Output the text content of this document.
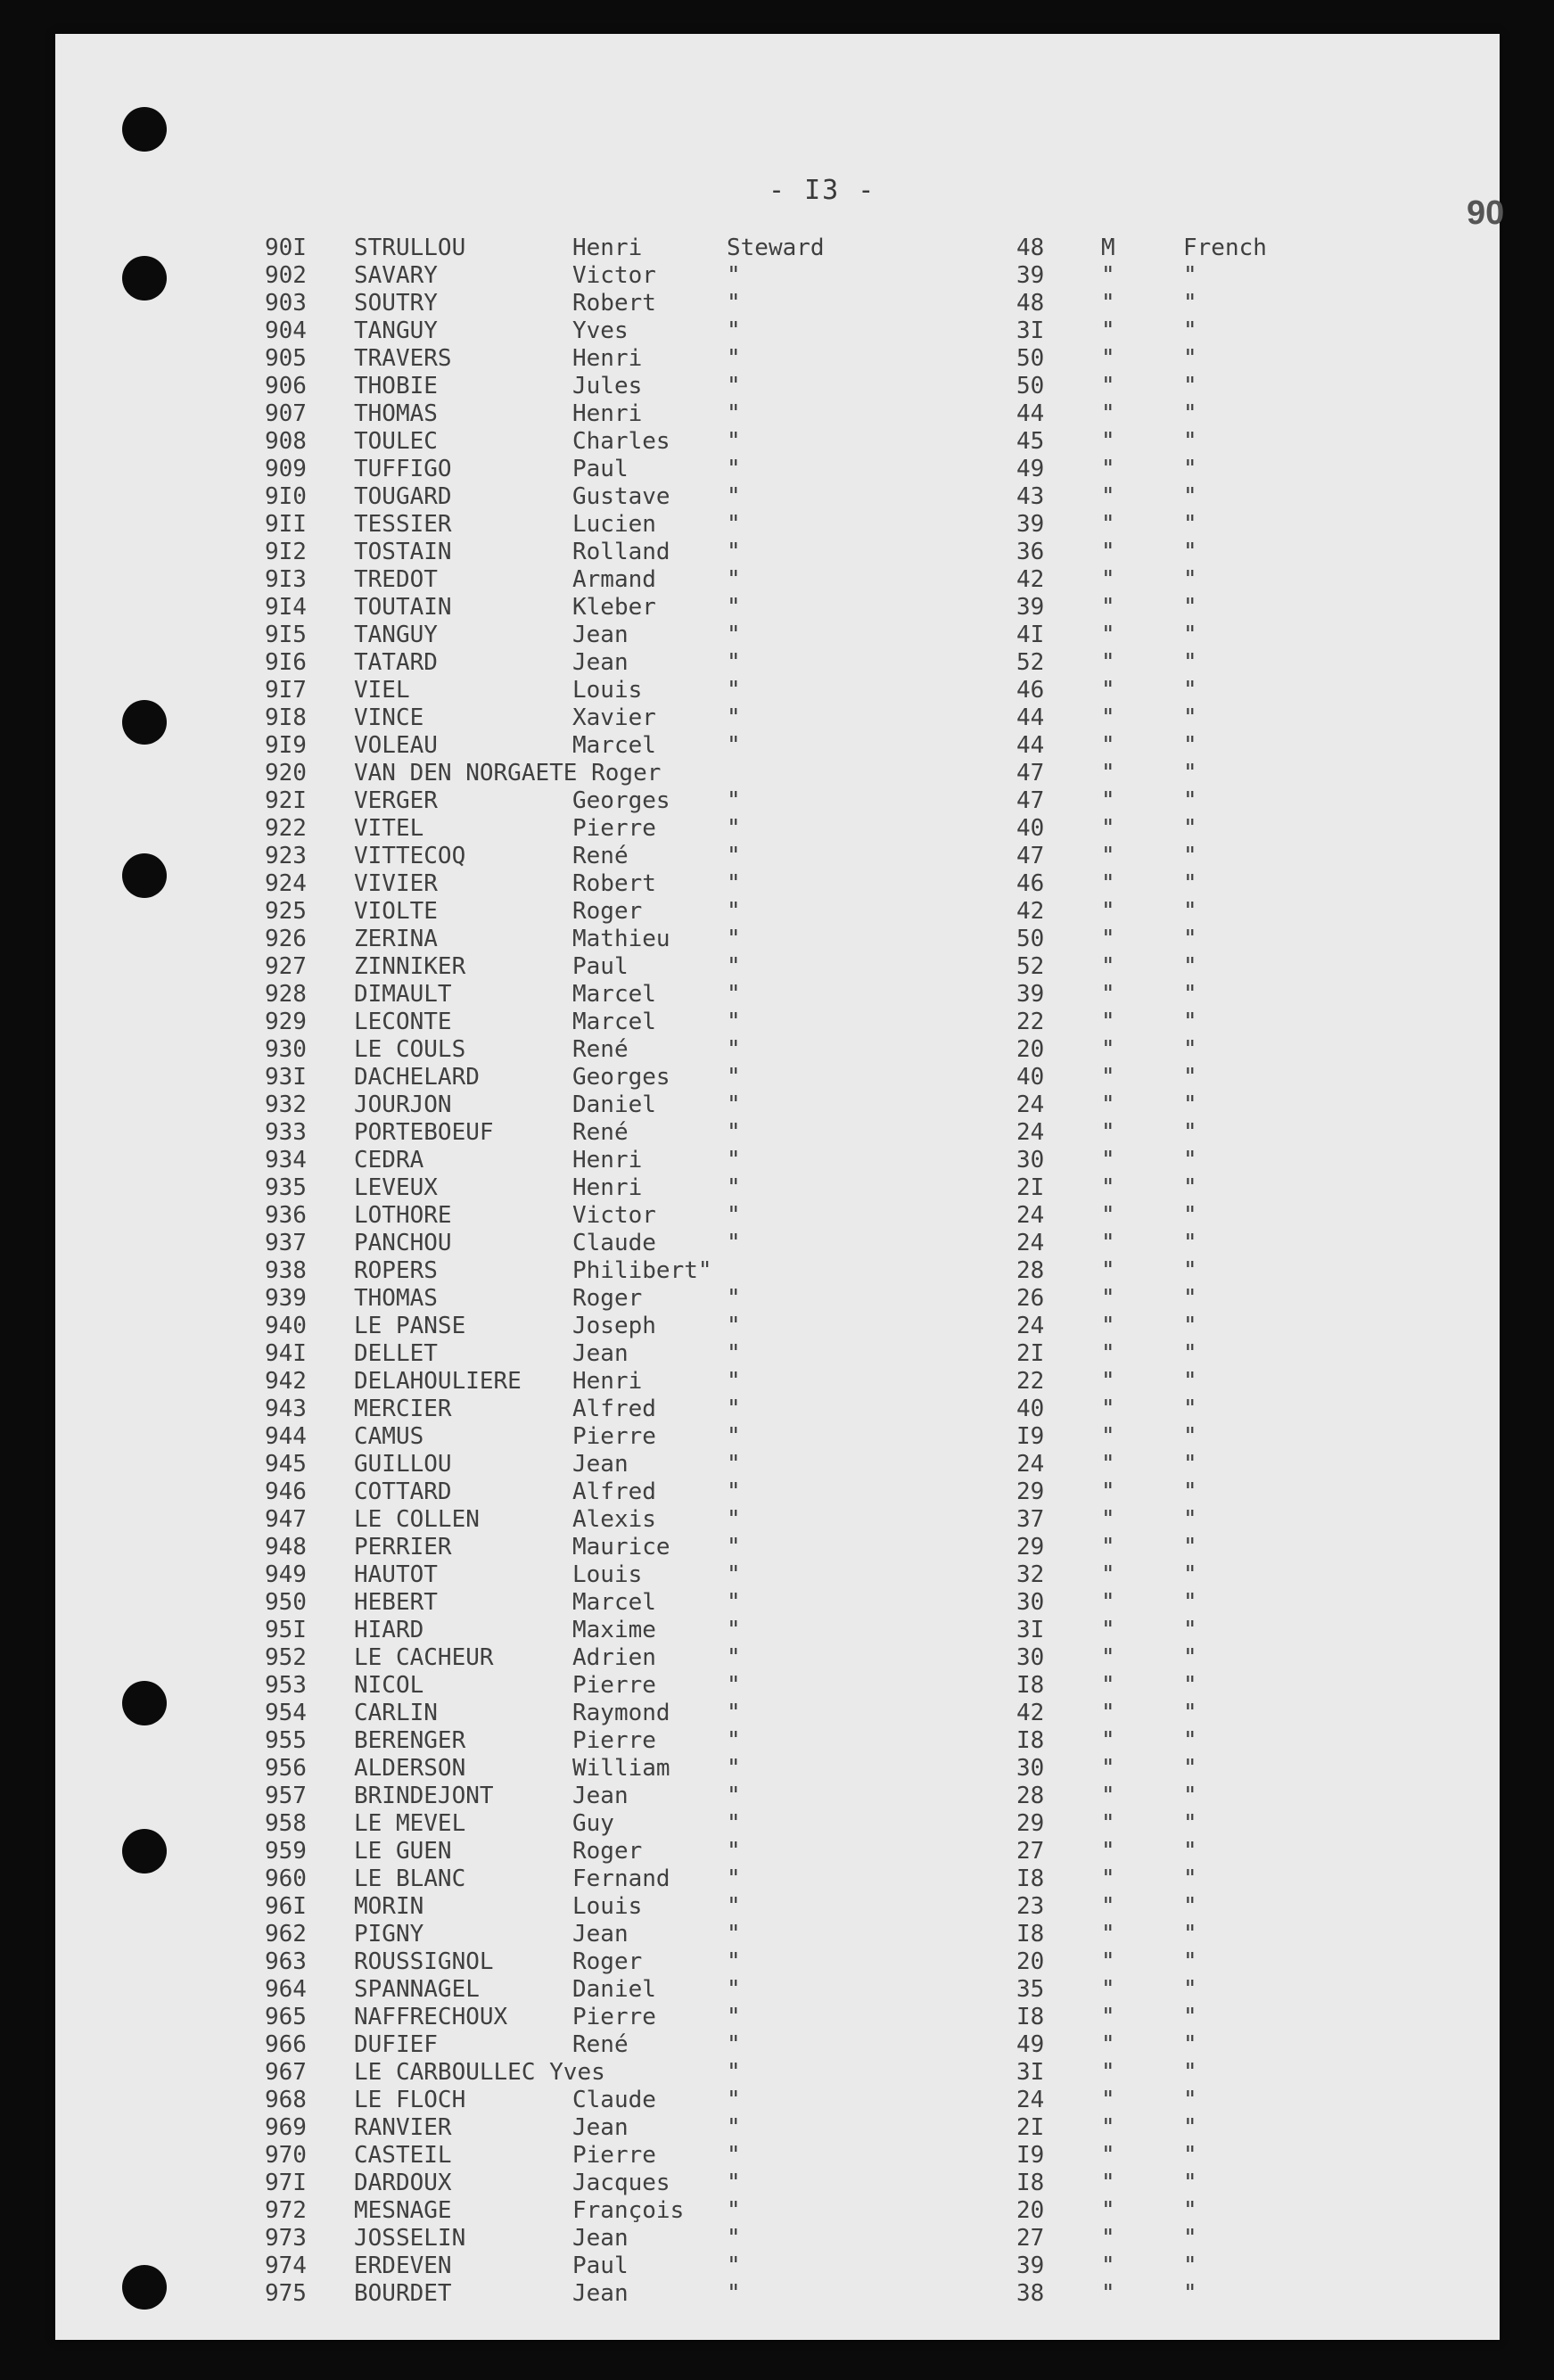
- I3 -
90
90I STRULLOU	Henri	Steward	48 M	French
902 SAVARY	Victor	"	39 "	"
903 SOUTRY	Robert	"	48 "	"
904 TANGUY	Yves	"	3I "	"
905 TRAVERS	Henri	"	50 "	"
906 THOBIE	Jules	"	50 "	"
907 THOMAS	Henri	"	44 "	"
908 TOULEC	Charles "	45 "	"
909 TUFFIGO	Paul	"	49 "	"
9I0 TOUGARD	Gustave "	43 "	"
9II TESSIER	Lucien	"	39 "	"
9I2 TOSTAIN	Rolland "	36 "	"
9I3 TREDOT	Armand	"	42 "	"
9I4 TOUTAIN	Kleber	"	39 "	"
9I5 TANGUY	Jean	"	4I "	"
9I6 TATARD	Jean	"	52 "	"
9I7 VIEL	Louis	"	46 "	"
9I8 VINCE	Xavier	"	44 "	"
9I9 VOLEAU	Marcel	"	44 "	"
920 VAN DEN NORGAETE Roger	47 "	"
92I VERGER	Georges "	47 "	"
922 VITEL	Pierre	"	40 "	"
923 VITTECOQ	René	"	47 "	"
924 VIVIER	Robert	"	46 "	"
925 VIOLTE	Roger	"	42 "	"
926 ZERINA	Mathieu "	50 "	"
927 ZINNIKER	Paul	"	52 "	"
928 DIMAULT	Marcel	"	39 "	"
929 LECONTE	Marcel	"	22 "	"
930 LE COULS	René	"	20 "	"
93I DACHELARD	Georges "	40 "	"
932 JOURJON	Daniel	"	24 "	"
933 PORTEBOEUF	René	"	24 "	"
934 CEDRA	Henri	"	30 "	"
935 LEVEUX	Henri	"	2I "	"
936 LOTHORE	Victor	"	24 "	"
937 PANCHOU	Claude	"	24 "	"
938 ROPERS	Philibert"	28 "	"
939 THOMAS	Roger	"	26 "	"
940 LE PANSE	Joseph	"	24 "	"
94I DELLET	Jean	"	2I "	"
942 DELAHOULIERE Henri	"	22 "	"
943 MERCIER	Alfred	"	40 "	"
944 CAMUS	Pierre	"	I9 "	"
945 GUILLOU	Jean	"	24 "	"
946 COTTARD	Alfred	"	29 "	"
947 LE COLLEN	Alexis	"	37 "	"
948 PERRIER	Maurice "	29 "	"
949 HAUTOT	Louis	"	32 "	"
950 HEBERT	Marcel	"	30 "	"
95I HIARD	Maxime	"	3I "	"
952 LE CACHEUR	Adrien	"	30 "	"
953 NICOL	Pierre	"	I8 "	"
954 CARLIN	Raymond "	42 "	"
955 BERENGER	Pierre	"	I8 "	"
956 ALDERSON	William "	30 "	"
957 BRINDEJONT	Jean	"	28 "	"
958 LE MEVEL	Guy	"	29 "	"
959 LE GUEN	Roger	"	27 "	"
960 LE BLANC	Fernand "	I8 "	"
96I MORIN	Louis	"	23 "	"
962 PIGNY	Jean	"	I8 "	"
963 ROUSSIGNOL	Roger	"	20 "	"
964 SPANNAGEL	Daniel	"	35 "	"
965 NAFFRECHOUX	Pierre	"	I8 "	"
966 DUFIEF	René	"	49 "	"
967 LE CARBOULLEC Yves	"	3I "	"
968 LE FLOCH	Claude	"	24 "	"
969 RANVIER	Jean	"	2I "	"
970 CASTEIL	Pierre	"	I9 "	"
97I DARDOUX	Jacques "	I8 "	"
972 MESNAGE	François "	20 "	"
973 JOSSELIN	Jean	"	27 "	"
974 ERDEVEN	Paul	"	39 "	"
975 BOURDET	Jean	"	38 "	"
